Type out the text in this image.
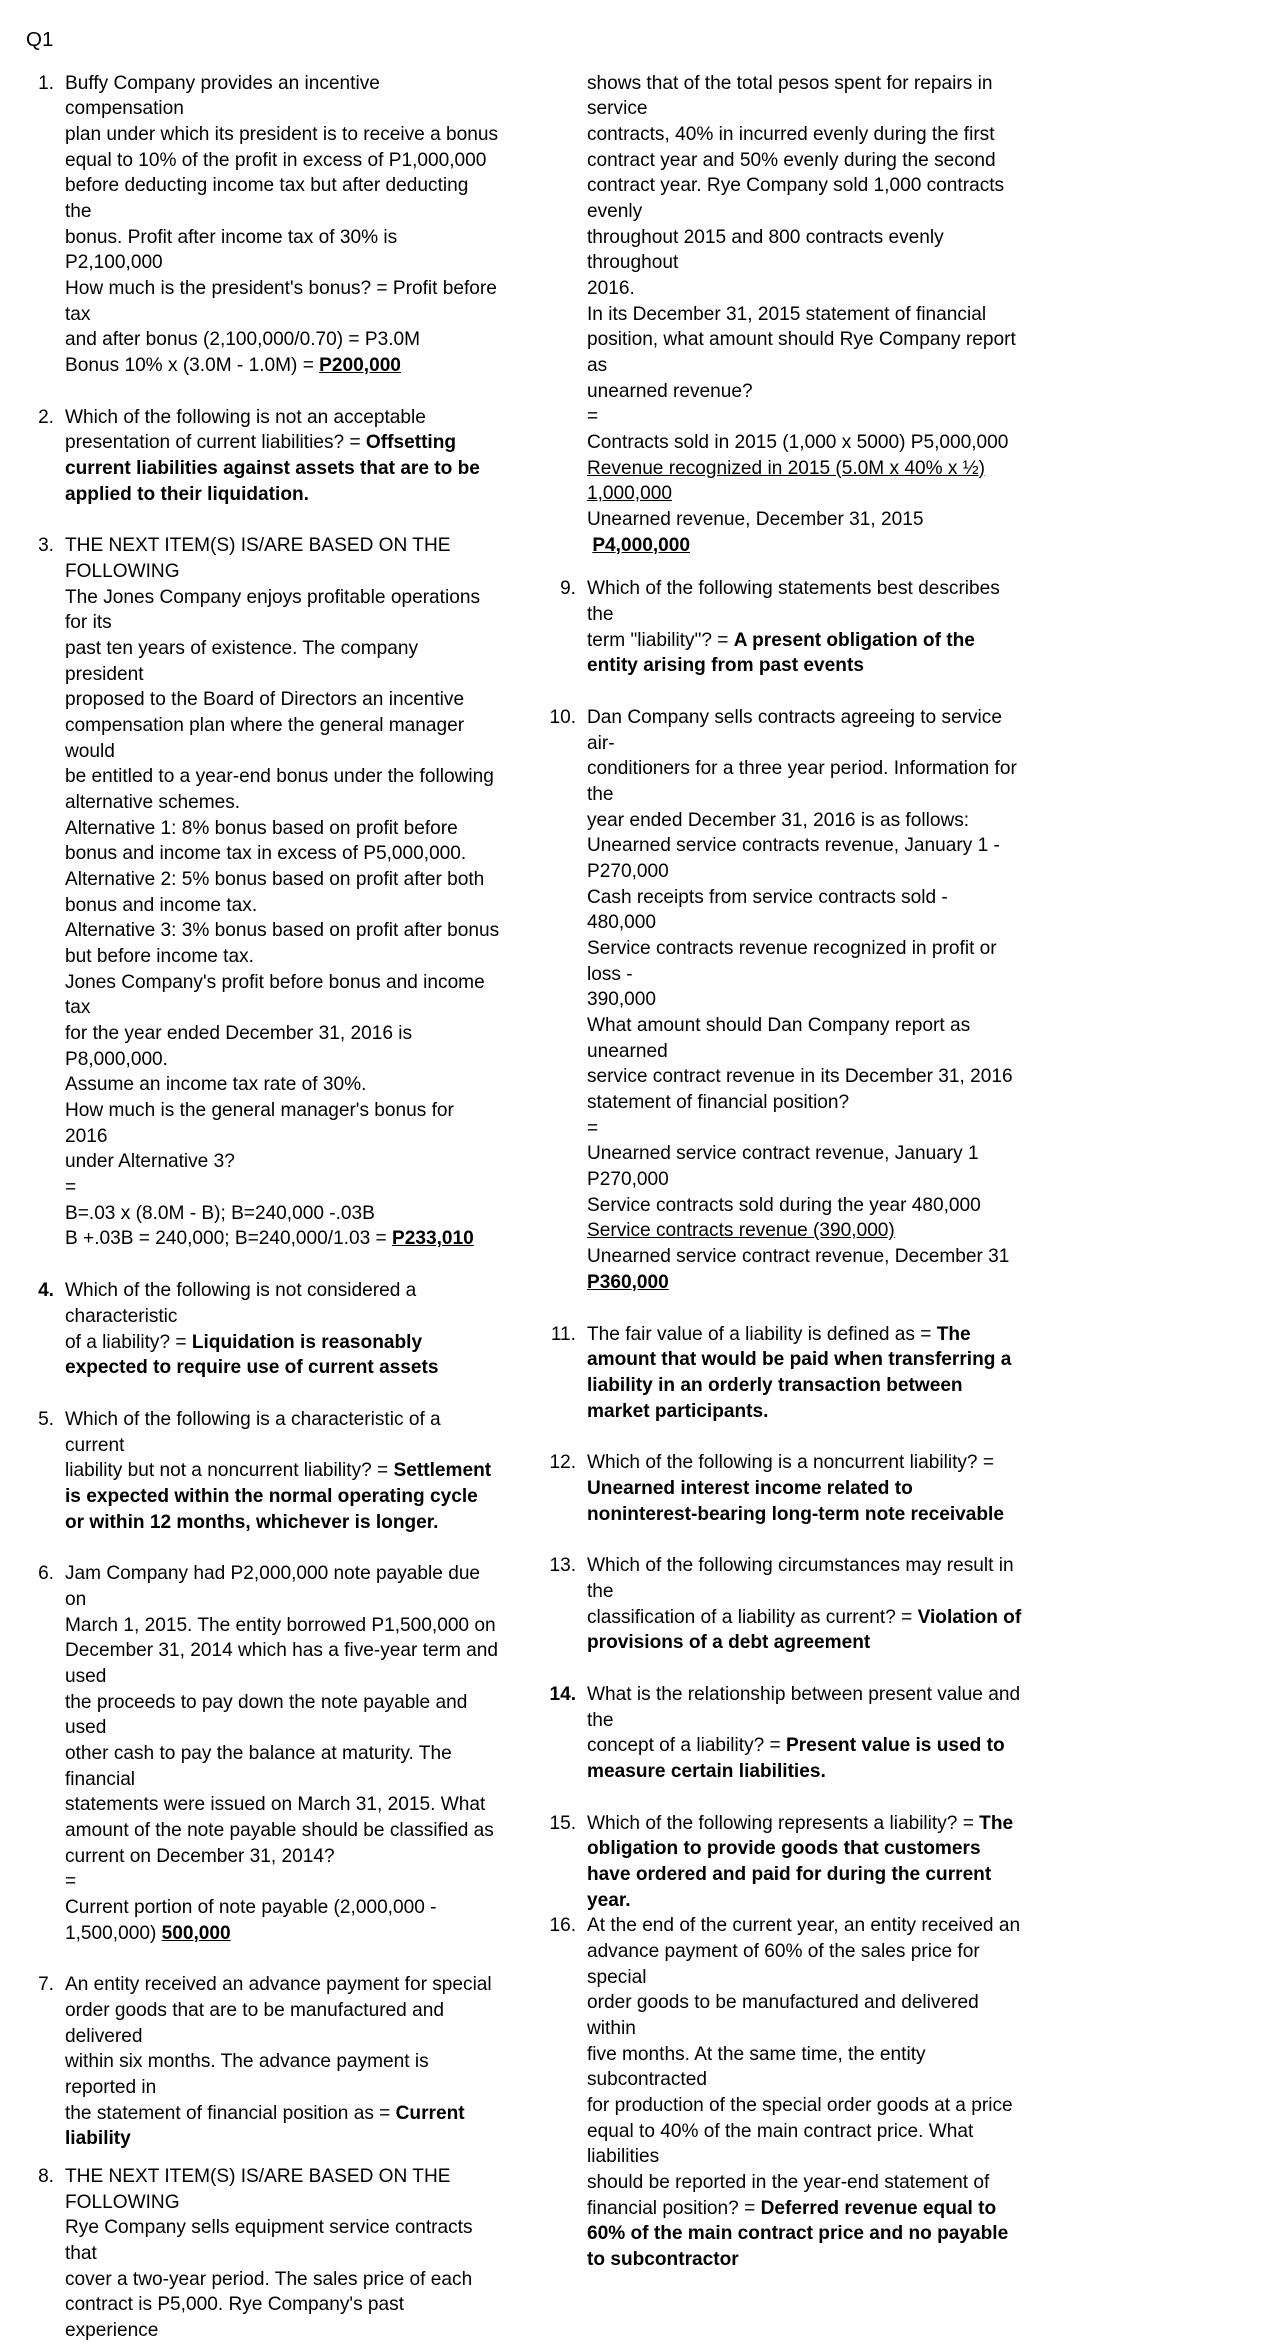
Q1
1. Buffy Company provides an incentive compensation
plan under which its president is to receive a bonus
equal to 10% of the profit in excess of P1,000,000
before deducting income tax but after deducting the
bonus. Profit after income tax of 30% is P2,100,000
How much is the president's bonus? = Profit before tax
and after bonus (2,100,000/0.70) = P3.0M
Bonus 10% x (3.0M - 1.0M) = P200,000
2. Which of the following is not an acceptable
presentation of current liabilities? = Offsetting current liabilities against assets that are to be applied to their liquidation.
3. THE NEXT ITEM(S) IS/ARE BASED ON THE FOLLOWING
The Jones Company enjoys profitable operations for its
past ten years of existence. The company president
proposed to the Board of Directors an incentive
compensation plan where the general manager would
be entitled to a year-end bonus under the following
alternative schemes.
Alternative 1: 8% bonus based on profit before
bonus and income tax in excess of P5,000,000.
Alternative 2: 5% bonus based on profit after both
bonus and income tax.
Alternative 3: 3% bonus based on profit after bonus
but before income tax.
Jones Company's profit before bonus and income tax
for the year ended December 31, 2016 is P8,000,000.
Assume an income tax rate of 30%.
How much is the general manager's bonus for 2016
under Alternative 3?
=
B=.03 x (8.0M - B); B=240,000 -.03B
B +.03B = 240,000; B=240,000/1.03 = P233,010
4. Which of the following is not considered a characteristic
of a liability? = Liquidation is reasonably expected to require use of current assets
5. Which of the following is a characteristic of a current
liability but not a noncurrent liability? = Settlement is expected within the normal operating cycle or within 12 months, whichever is longer.
6. Jam Company had P2,000,000 note payable due on
March 1, 2015. The entity borrowed P1,500,000 on
December 31, 2014 which has a five-year term and used
the proceeds to pay down the note payable and used
other cash to pay the balance at maturity. The financial
statements were issued on March 31, 2015. What
amount of the note payable should be classified as
current on December 31, 2014?
=
Current portion of note payable (2,000,000 -
1,500,000) 500,000
7. An entity received an advance payment for special
order goods that are to be manufactured and delivered
within six months. The advance payment is reported in
the statement of financial position as = Current liability
8. THE NEXT ITEM(S) IS/ARE BASED ON THE FOLLOWING
Rye Company sells equipment service contracts that
cover a two-year period. The sales price of each
contract is P5,000. Rye Company's past experience
shows that of the total pesos spent for repairs in service
contracts, 40% in incurred evenly during the first
contract year and 50% evenly during the second
contract year. Rye Company sold 1,000 contracts evenly
throughout 2015 and 800 contracts evenly throughout
2016.
In its December 31, 2015 statement of financial
position, what amount should Rye Company report as
unearned revenue?
=
Contracts sold in 2015 (1,000 x 5000) P5,000,000
Revenue recognized in 2015 (5.0M x 40% x ½)
1,000,000
Unearned revenue, December 31, 2015     P4,000,000
9. Which of the following statements best describes the
term "liability"? = A present obligation of the entity arising from past events
10. Dan Company sells contracts agreeing to service air-
conditioners for a three year period. Information for the
year ended December 31, 2016 is as follows:
Unearned service contracts revenue, January 1 -
P270,000
Cash receipts from service contracts sold - 480,000
Service contracts revenue recognized in profit or loss -
390,000
What amount should Dan Company report as unearned
service contract revenue in its December 31, 2016
statement of financial position?
=
Unearned service contract revenue, January 1
P270,000
Service contracts sold during the year 480,000
Service contracts revenue (390,000)
Unearned service contract revenue, December 31
P360,000
11. The fair value of a liability is defined as = The amount that would be paid when transferring a liability in an orderly transaction between market participants.
12. Which of the following is a noncurrent liability? = Unearned interest income related to noninterest-bearing long-term note receivable
13. Which of the following circumstances may result in the
classification of a liability as current? = Violation of provisions of a debt agreement
14. What is the relationship between present value and the
concept of a liability? = Present value is used to measure certain liabilities.
15. Which of the following represents a liability? = The obligation to provide goods that customers have ordered and paid for during the current year.
16. At the end of the current year, an entity received an
advance payment of 60% of the sales price for special
order goods to be manufactured and delivered within
five months. At the same time, the entity subcontracted
for production of the special order goods at a price
equal to 40% of the main contract price. What liabilities
should be reported in the year-end statement of
financial position? = Deferred revenue equal to 60% of the main contract price and no payable to subcontractor
